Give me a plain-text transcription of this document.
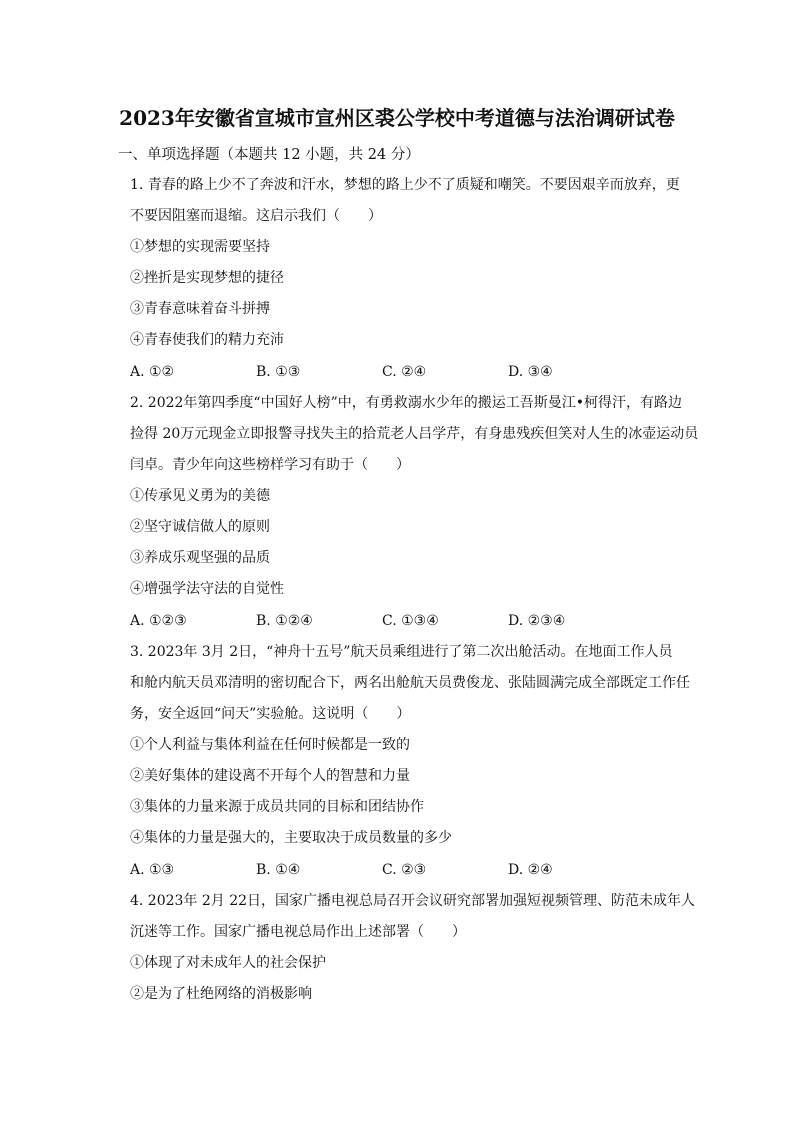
2023年安徽省宣城市宣州区裘公学校中考道德与法治调研试卷
一、单项选择题（本题共 12 小题，共 24 分）
1. 青春的路上少不了奔波和汗水，梦想的路上少不了质疑和嘲笑。不要因艰辛而放弃，更
不要因阻塞而退缩。这启示我们（　　）
①梦想的实现需要坚持
②挫折是实现梦想的捷径
③青春意味着奋斗拼搏
④青春使我们的精力充沛
A. ①②	B. ①③	C. ②④	D. ③④
2. 2022年第四季度“中国好人榜”中，有勇救溺水少年的搬运工吾斯曼江•柯得汗，有路边
捡得 20万元现金立即报警寻找失主的拾荒老人吕学芹，有身患残疾但笑对人生的冰壶运动员
闫卓。青少年向这些榜样学习有助于（　　）
①传承见义勇为的美德
②坚守诚信做人的原则
③养成乐观坚强的品质
④增强学法守法的自觉性
A. ①②③	B. ①②④	C. ①③④	D. ②③④
3. 2023年 3月 2日，“神舟十五号”航天员乘组进行了第二次出舱活动。在地面工作人员
和舱内航天员邓清明的密切配合下，两名出舱航天员费俊龙、张陆圆满完成全部既定工作任
务，安全返回“问天”实验舱。这说明（　　）
①个人利益与集体利益在任何时候都是一致的
②美好集体的建设离不开每个人的智慧和力量
③集体的力量来源于成员共同的目标和团结协作
④集体的力量是强大的，主要取决于成员数量的多少
A. ①③	B. ①④	C. ②③	D. ②④
4. 2023年 2月 22日，国家广播电视总局召开会议研究部署加强短视频管理、防范未成年人
沉迷等工作。国家广播电视总局作出上述部署（　　）
①体现了对未成年人的社会保护
②是为了杜绝网络的消极影响
